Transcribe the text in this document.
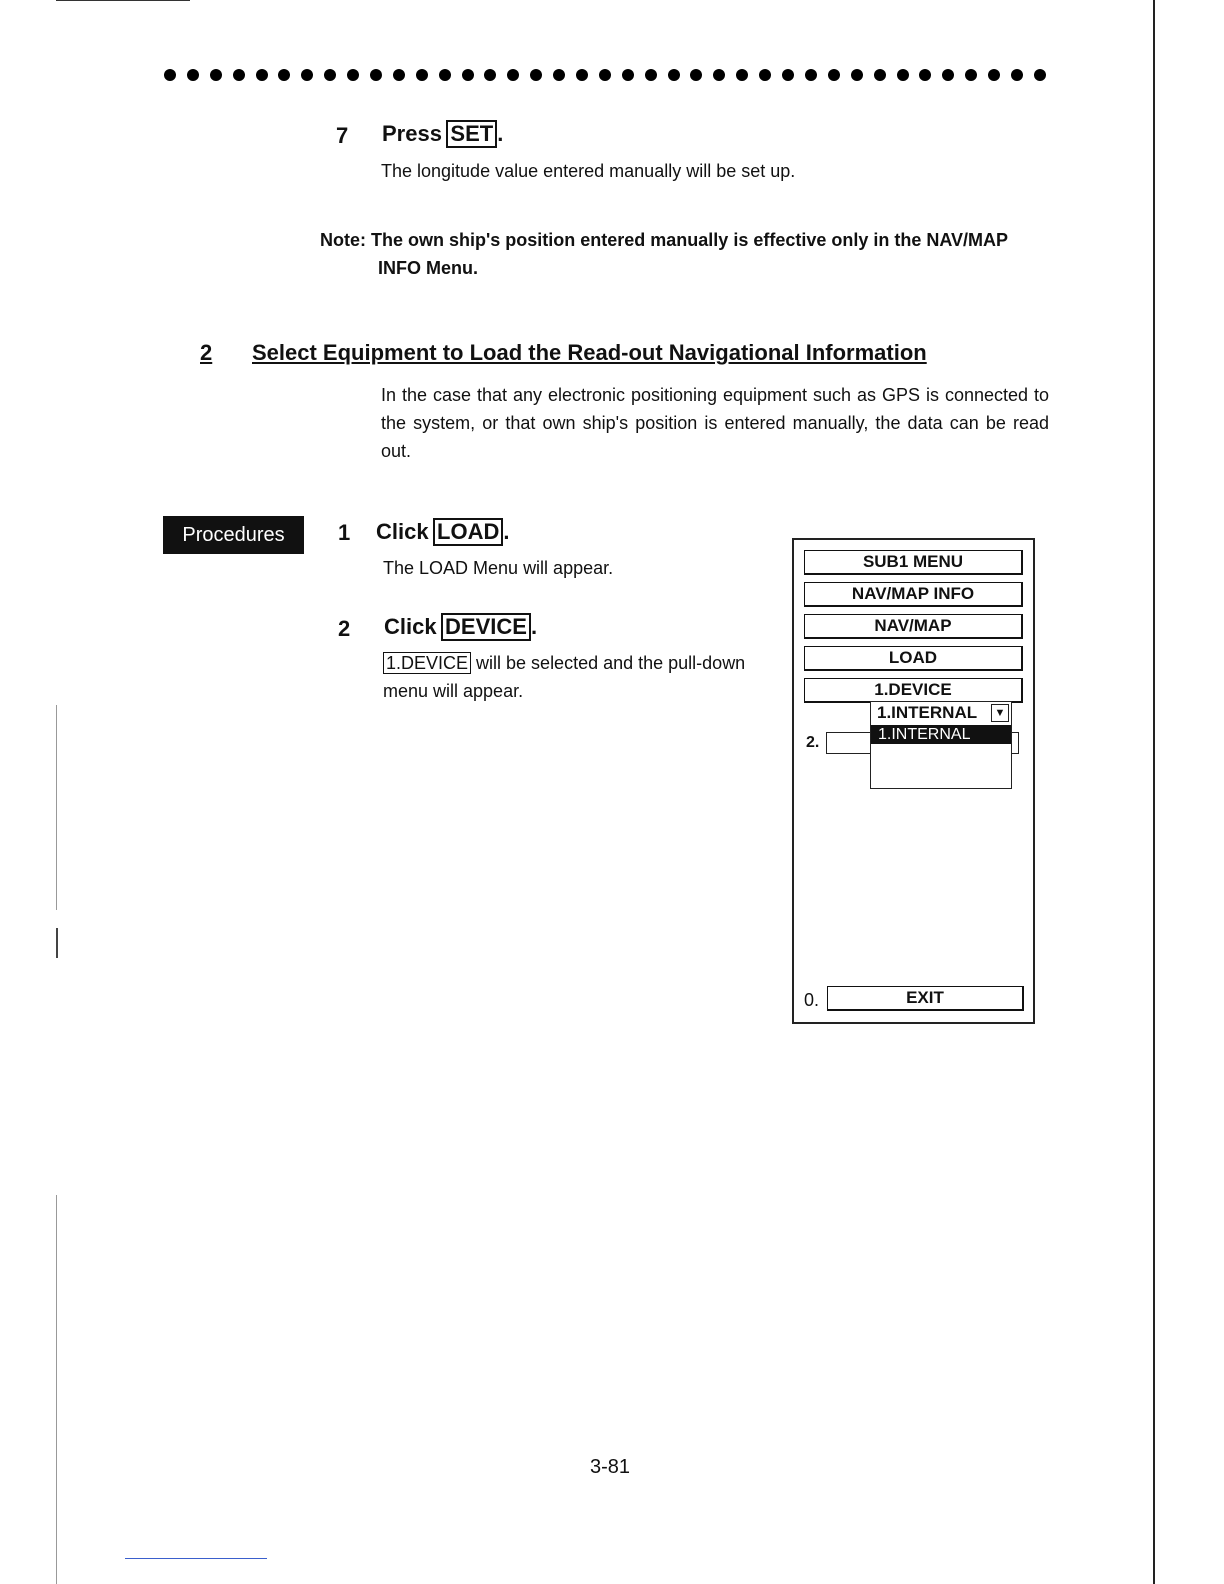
7 Press SET .
The longitude value entered manually will be set up.
Note: The own ship's position entered manually is effective only in the NAV/MAP
INFO Menu.
2 Select Equipment to Load the Read-out Navigational Information
In the case that any electronic positioning equipment such as GPS is connected to the system, or that own ship's position is entered manually, the data can be read out.
Procedures	1 Click LOAD .
The LOAD Menu will appear.
2 Click DEVICE .
1.DEVICE will be selected and the pull-down
menu will appear.
SUB1 MENU
NAV/MAP INFO
NAV/MAP
LOAD
1.DEVICE
2.
1.INTERNAL	▼
1.INTERNAL
0.	EXIT
3-81
